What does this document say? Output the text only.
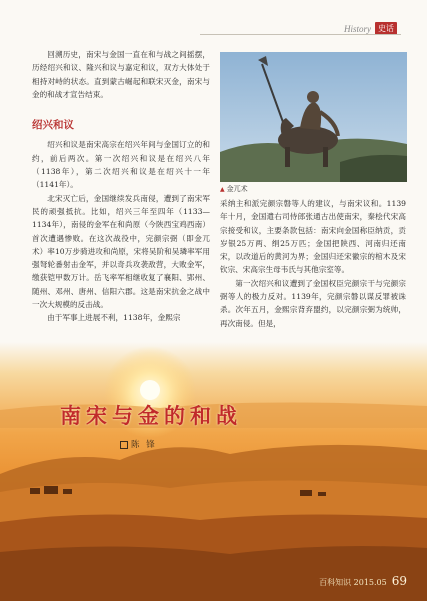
History 史话

回溯历史，南宋与金国一直在和与战之间摇摆，历经绍兴和议、隆兴和议与嘉定和议，双方大体处于相持对峙的状态。直到蒙古崛起和联宋灭金，南宋与金的和战才宣告结束。

绍兴和议

绍兴和议是南宋高宗在绍兴年间与金国订立的和约，前后两次。第一次绍兴和议是在绍兴八年（1138年），第二次绍兴和议是在绍兴十一年（1141年）。

北宋灭亡后，金国继续发兵南侵，遭到了南宋军民的顽强抵抗。比如，绍兴三年至四年（1133—1134年），南侵的金军在和尚原（今陕西宝鸡西南）首次遭遇惨败。在这次战役中，完颜宗弼（即金兀术）率10万步骑进攻和尚原，宋将吴阶和吴璘率军用强弩轮番射击金军，并以奇兵攻袭敌营，大败金军，缴获铠甲数万计。岳飞率军相继收复了襄阳、郢州、随州、邓州、唐州、信阳六郡。这是南宋抗金之战中一次大规模的反击战。

由于军事上进展不利，1138年，金熙宗

▲ 金兀术

采纳主和派完颜宗磐等人的建议，与南宋议和。1139年十月，金国遣右司侍郎张通古出使南宋，秦桧代宋高宗接受和议，主要条款包括：南宋向金国称臣纳贡，贡岁银25万两、绢25万匹；金国把陕西、河南归还南宋，以改道后的黄河为界；金国归还宋徽宗的棺木及宋钦宗、宋高宗生母韦氏与其他宗室等。

第一次绍兴和议遭到了金国权臣完颜宗干与完颜宗弼等人的极力反对。1139年，完颜宗磐以谋反罪被诛杀。次年五月，金熙宗背弃盟约，以完颜宗弼为统帅，再次南侵。但是，

南宋与金的和战
陈 锋
百科知识 2015.05 69
